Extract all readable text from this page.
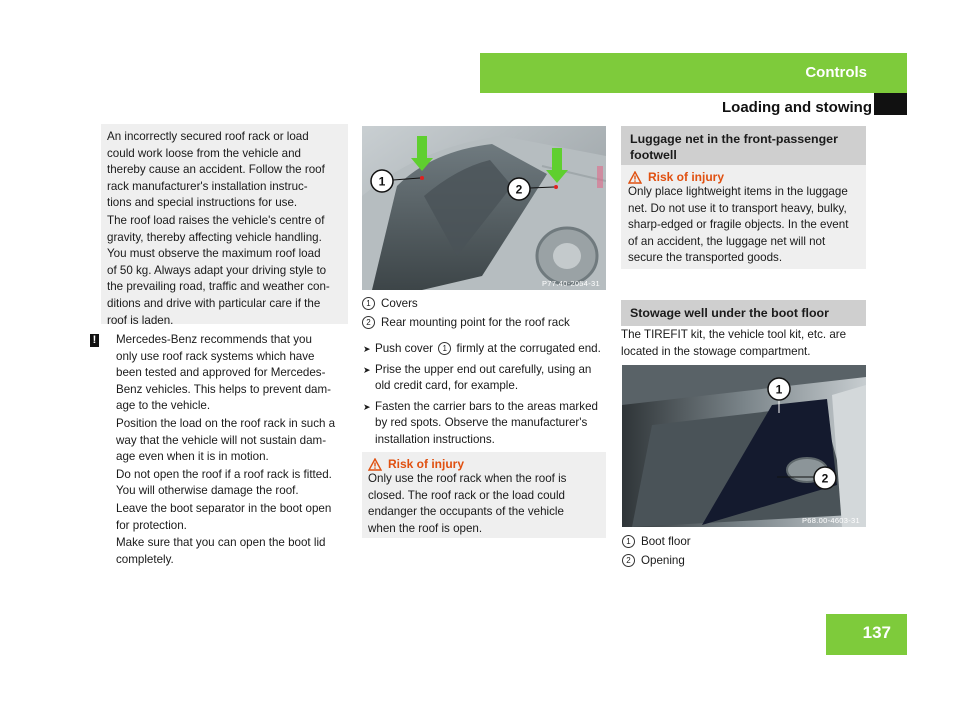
Controls
Loading and stowing

An incorrectly secured roof rack or load

could work loose from the vehicle and

thereby cause an accident. Follow the roof

rack manufacturer's installation instruc-

tions and special instructions for use.

The roof load raises the vehicle's centre of

gravity, thereby affecting vehicle handling.

You must observe the maximum roof load

of 50 kg. Always adapt your driving style to

the prevailing road, traffic and weather con-

ditions and drive with particular care if the

roof is laden.

! Mercedes-Benz recommends that you

only use roof rack systems which have

been tested and approved for Mercedes-

Benz vehicles. This helps to prevent dam-

age to the vehicle.

Position the load on the roof rack in such a

way that the vehicle will not sustain dam-

age even when it is in motion.

Do not open the roof if a roof rack is fitted.

You will otherwise damage the roof.

Leave the boot separator in the boot open

for protection.

Make sure that you can open the boot lid

completely.

1
2
P77.40-2054-31
1 Covers
2 Rear mounting point for the roof rack
➤ Push cover 1 firmly at the corrugated end.
➤ Prise the upper end out carefully, using an
old credit card, for example.
➤ Fasten the carrier bars to the areas marked
by red spots. Observe the manufacturer's
installation instructions.
Risk of injury

Only use the roof rack when the roof is

closed. The roof rack or the load could

endanger the occupants of the vehicle

when the roof is open.

Luggage net in the front-passenger
footwell
Risk of injury

Only place lightweight items in the luggage

net. Do not use it to transport heavy, bulky,

sharp-edged or fragile objects. In the event

of an accident, the luggage net will not

secure the transported goods.

Stowage well under the boot floor

The TIREFIT kit, the vehicle tool kit, etc. are

located in the stowage compartment.

1
2
P68.00-4603-31
1 Boot floor
2 Opening
137
